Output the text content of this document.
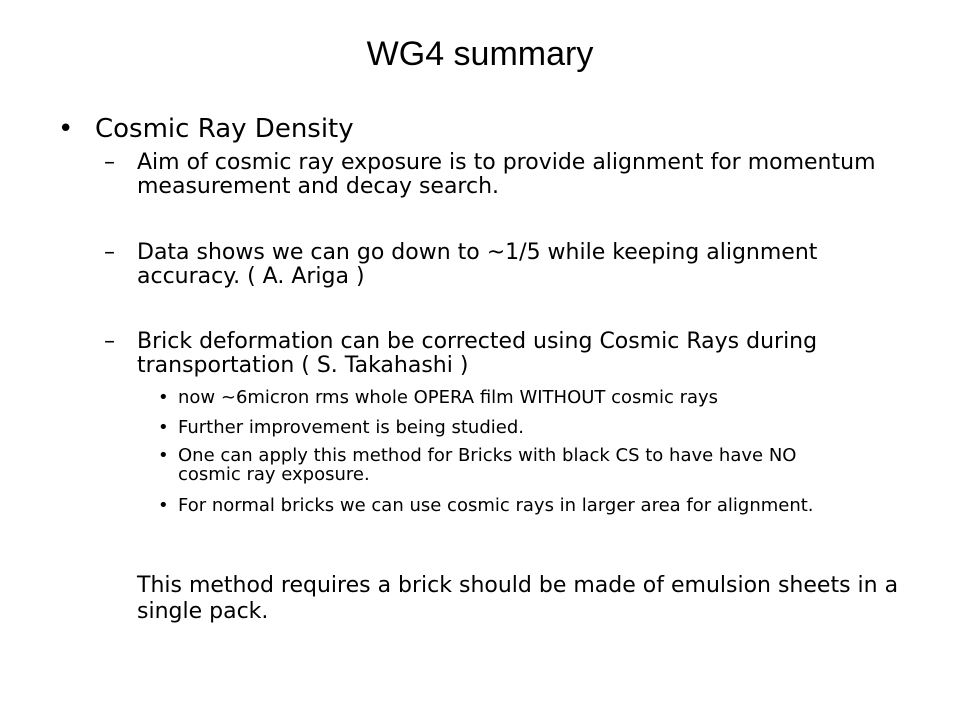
WG4 summary
• Cosmic Ray Density
– Aim of cosmic ray exposure is to provide alignment for momentum measurement and decay search.
– Data shows we can go down to ~1/5 while keeping alignment accuracy. ( A. Ariga )
– Brick deformation can be corrected using Cosmic Rays during transportation ( S. Takahashi )
• now ~6micron rms whole OPERA film WITHOUT cosmic rays
• Further improvement is being studied.
• One can apply this method for Bricks with black CS to have have NO cosmic ray exposure.
• For normal bricks we can use cosmic rays in larger area for alignment.
This method requires a brick should be made of emulsion sheets in a single pack.
